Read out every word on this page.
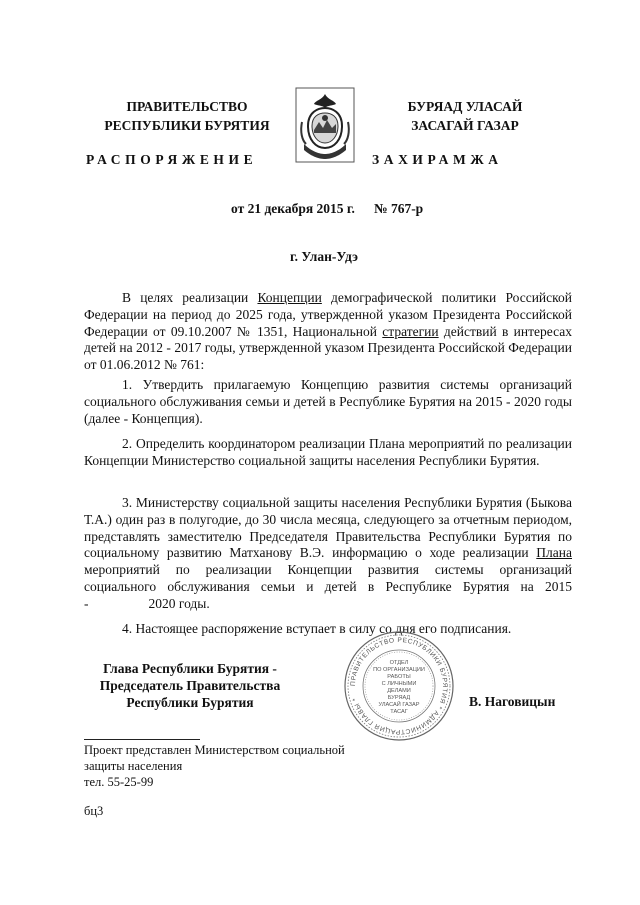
ПРАВИТЕЛЬСТВО
РЕСПУБЛИКИ БУРЯТИЯ
БУРЯАД УЛАСАЙ
ЗАСАГАЙ ГАЗАР
РАСПОРЯЖЕНИЕ	ЗАХИРАМЖА
от 21 декабря 2015 г. № 767-р
г. Улан-Удэ
В целях реализации Концепции демографической политики Российской Федерации на период до 2025 года, утвержденной указом Президента Российской Федерации от 09.10.2007 № 1351, Национальной стратегии действий в интересах детей на 2012 - 2017 годы, утвержденной указом Президента Российской Федерации от 01.06.2012 № 761:
1. Утвердить прилагаемую Концепцию развития системы организаций социального обслуживания семьи и детей в Республике Бурятия на 2015 - 2020 годы (далее - Концепция).
2. Определить координатором реализации Плана мероприятий по реализации Концепции Министерство социальной защиты населения Республики Бурятия.
3. Министерству социальной защиты населения Республики Бурятия (Быкова Т.А.) один раз в полугодие, до 30 числа месяца, следующего за отчетным периодом, представлять заместителю Председателя Правительства Республики Бурятия по социальному развитию Матханову В.Э. информацию о ходе реализации Плана мероприятий по реализации Концепции развития системы организаций социального обслуживания семьи и детей в Республике Бурятия на 2015 -	2020 годы.
4. Настоящее распоряжение вступает в силу со дня его подписания.
Глава Республики Бурятия -
Председатель Правительства
Республики Бурятия
ПРАВИТЕЛЬСТВО РЕСПУБЛИКИ БУРЯТИЯ * АДМИНИСТРАЦИЯ ГЛАВЫ *
ОТДЕЛ
ПО ОРГАНИЗАЦИИ
РАБОТЫ
С ЛИЧНЫМИ
ДЕЛАМИ
БУРЯАД
УЛАСАЙ ГАЗАР
ТАСАГ
В. Наговицын
Проект представлен Министерством социальной
защиты населения
тел. 55-25-99
бц3
